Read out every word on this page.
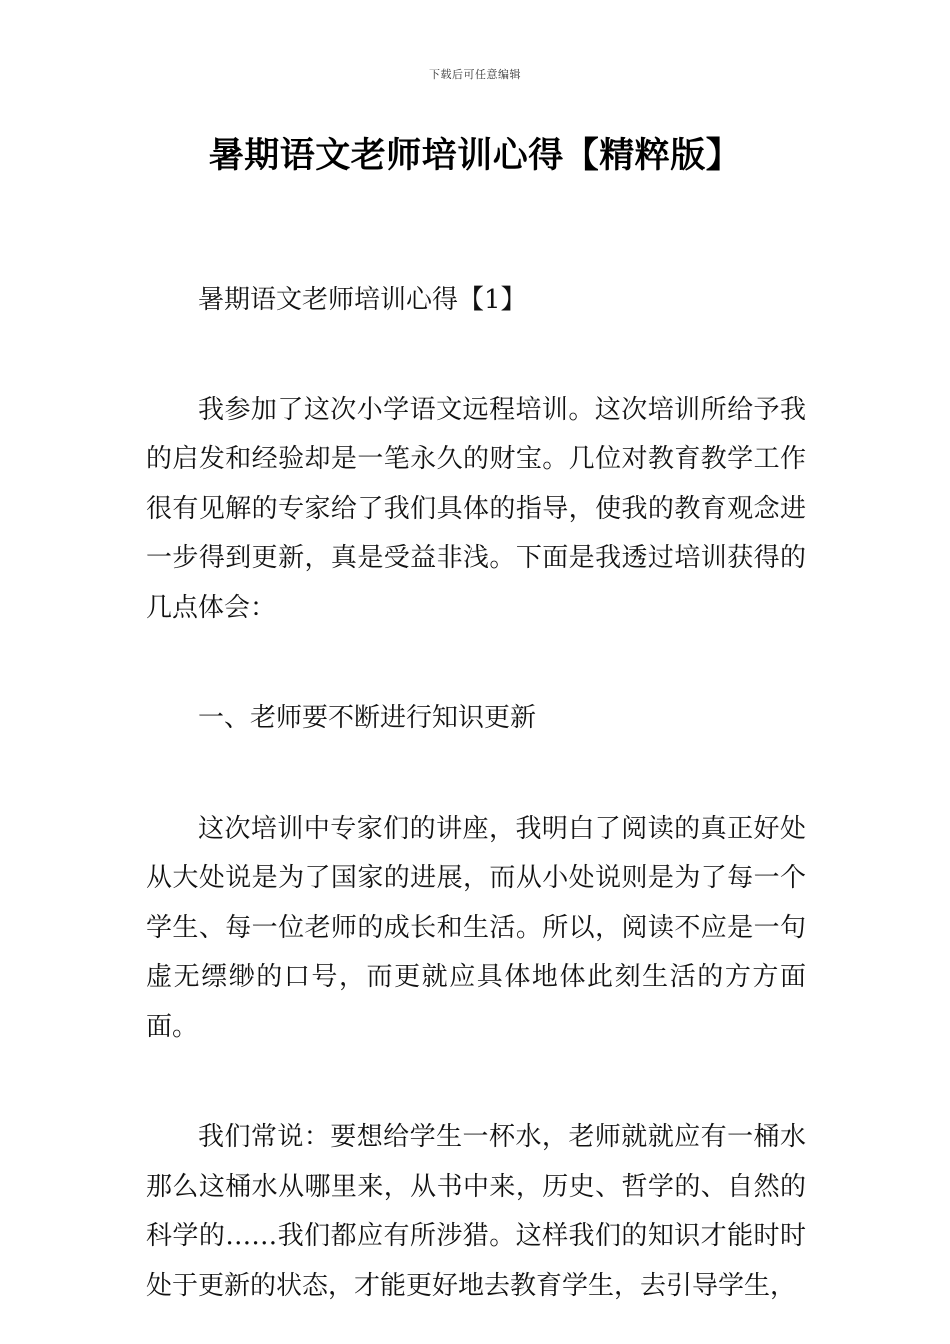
下载后可任意编辑
暑期语文老师培训心得【精粹版】

暑期语文老师培训心得【1】

我参加了这次小学语文远程培训。这次培训所给予我的启发和经验却是一笔永久的财宝。几位对教育教学工作很有见解的专家给了我们具体的指导，使我的教育观念进一步得到更新，真是受益非浅。下面是我透过培训获得的几点体会：

一、老师要不断进行知识更新

这次培训中专家们的讲座，我明白了阅读的真正好处从大处说是为了国家的进展，而从小处说则是为了每一个学生、每一位老师的成长和生活。所以，阅读不应是一句虚无缥缈的口号，而更就应具体地体此刻生活的方方面面。

我们常说：要想给学生一杯水，老师就就应有一桶水那么这桶水从哪里来，从书中来，历史、哲学的、自然的科学的……我们都应有所涉猎。这样我们的知识才能时时处于更新的状态，才能更好地去教育学生，去引导学生，
